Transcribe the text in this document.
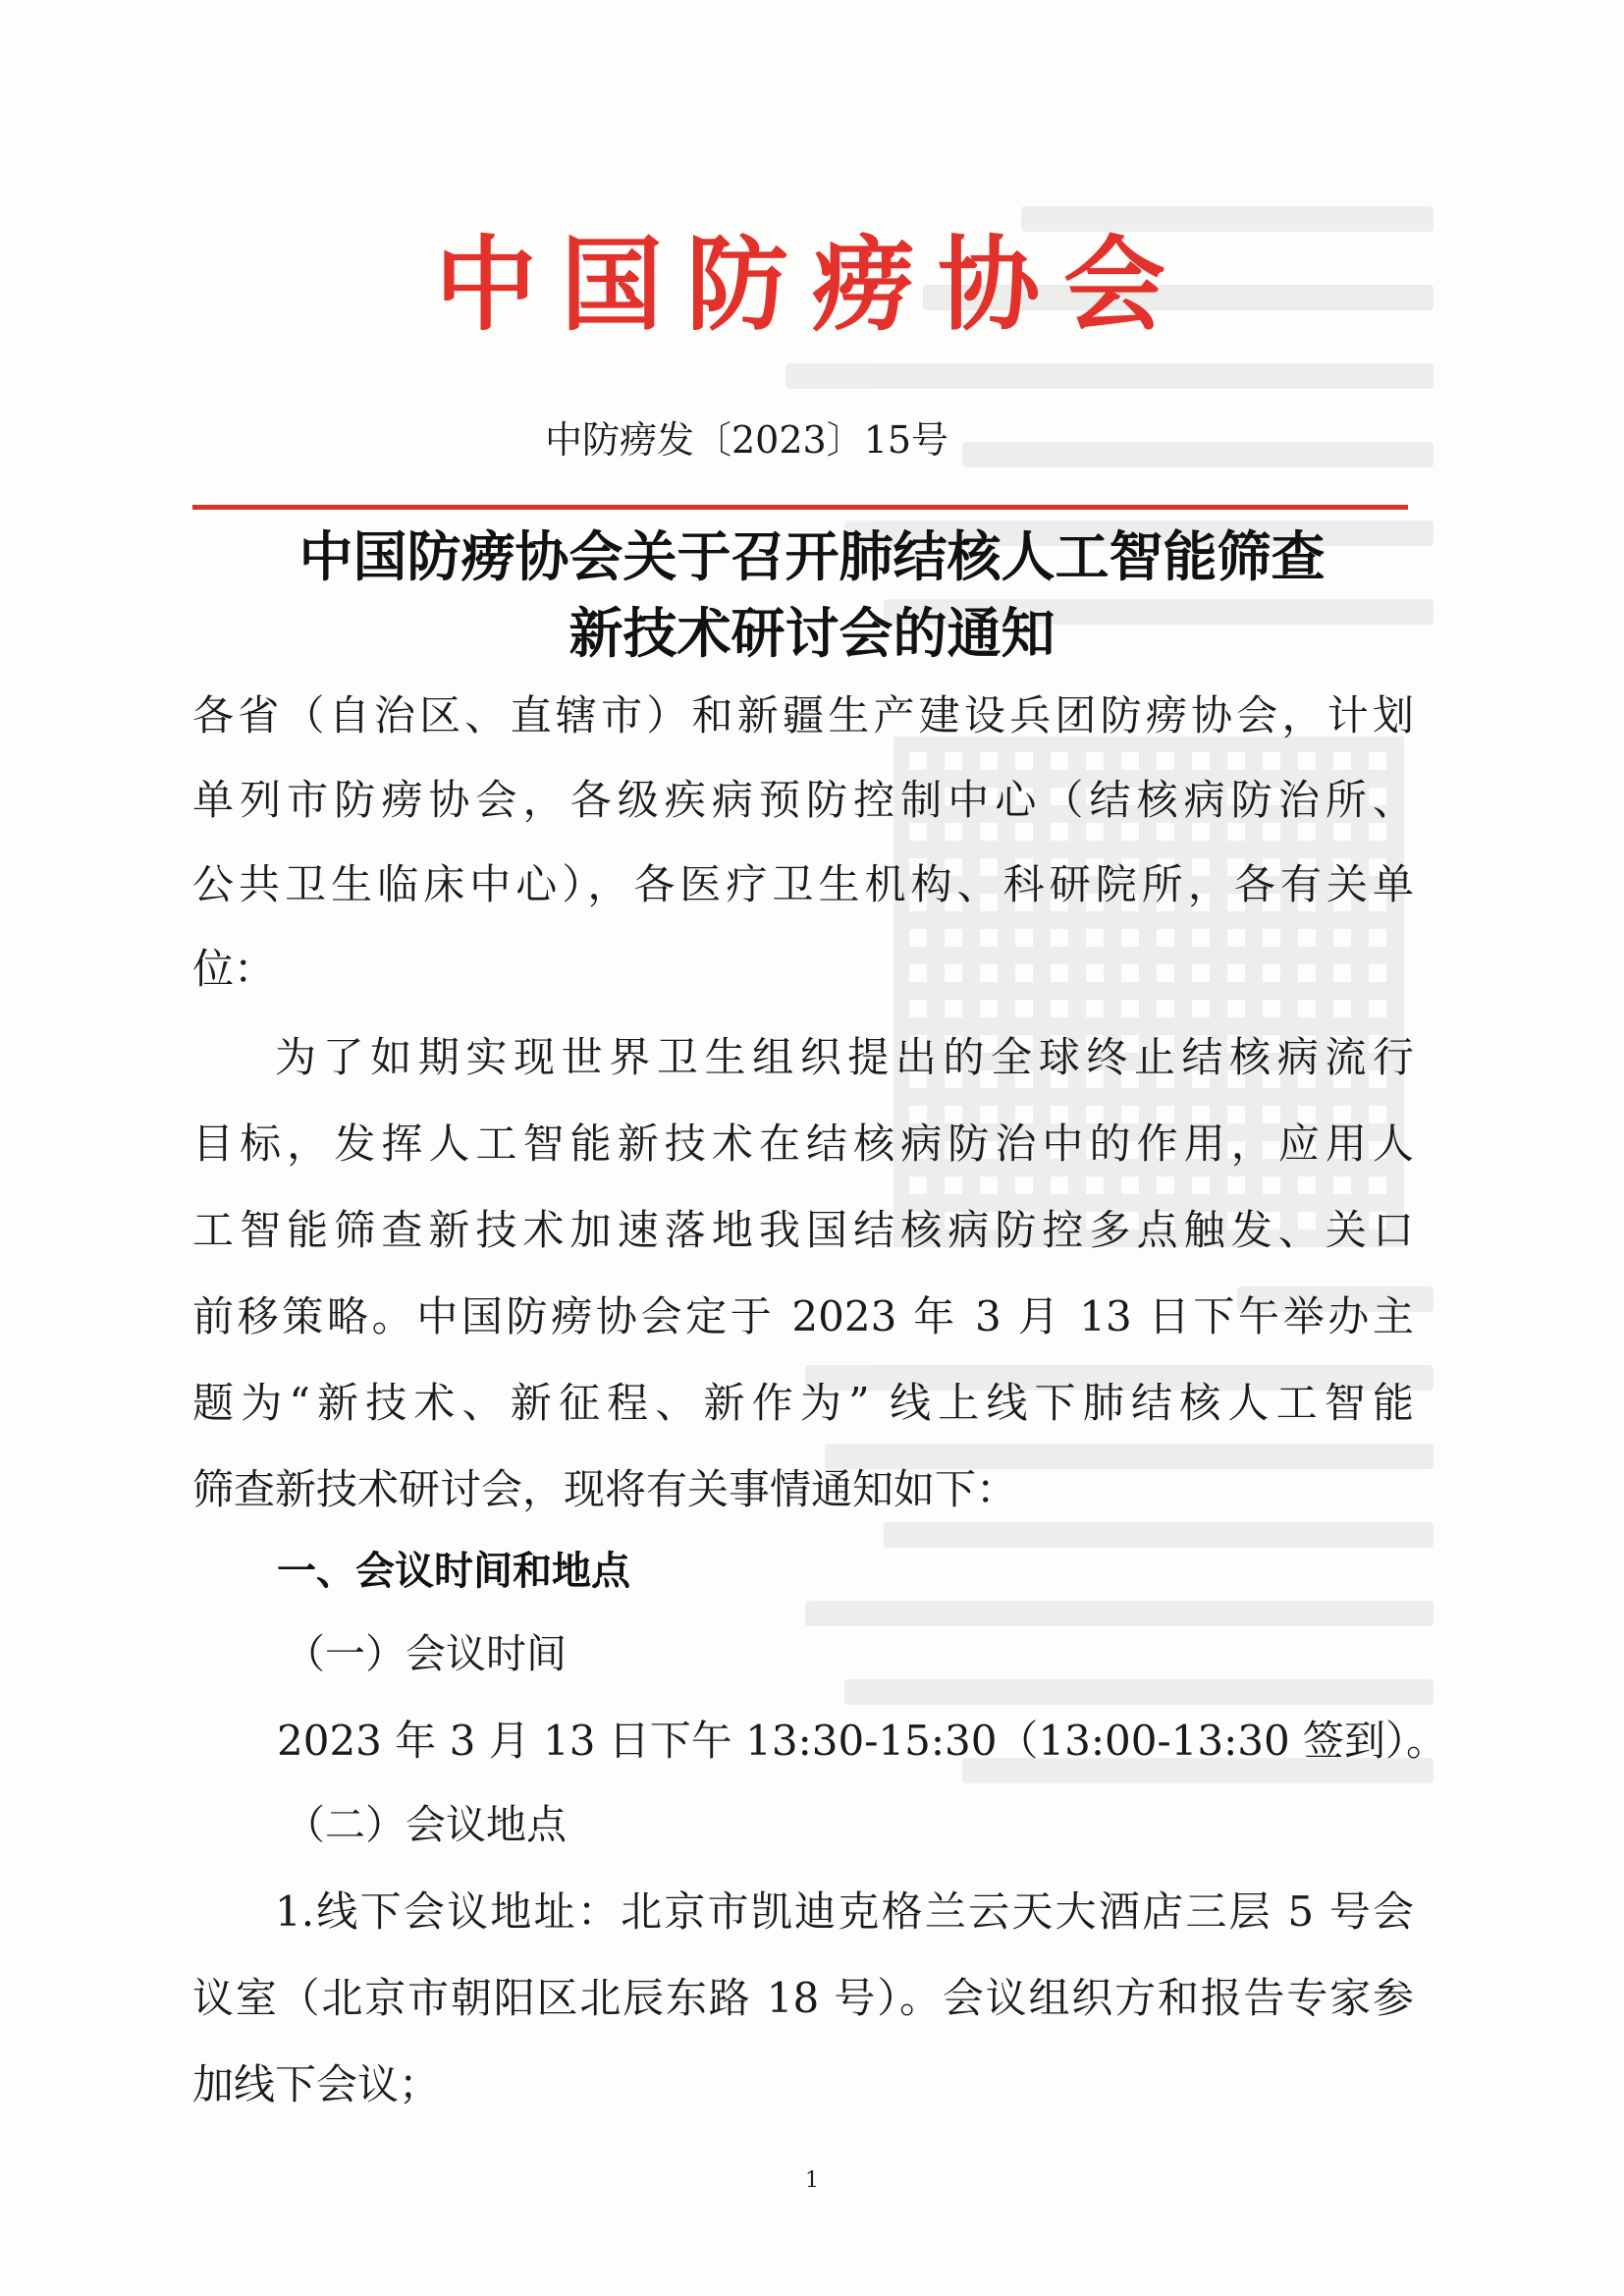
中国防痨协会
中防痨发〔2023〕15号
中国防痨协会关于召开肺结核人工智能筛查
新技术研讨会的通知
各省（自治区、直辖市）和新疆生产建设兵团防痨协会，计划
单列市防痨协会，各级疾病预防控制中心（结核病防治所、
公共卫生临床中心），各医疗卫生机构、科研院所，各有关单
位：
为了如期实现世界卫生组织提出的全球终止结核病流行
目标，发挥人工智能新技术在结核病防治中的作用，应用人
工智能筛查新技术加速落地我国结核病防控多点触发、关口
前移策略。中国防痨协会定于 2023 年 3 月 13 日下午举办主
题为“新技术、新征程、新作为” 线上线下肺结核人工智能
筛查新技术研讨会，现将有关事情通知如下：
一、会议时间和地点
（一）会议时间
2023 年 3 月 13 日下午 13:30-15:30（13:00-13:30 签到）。
（二）会议地点
1.线下会议地址：北京市凯迪克格兰云天大酒店三层 5 号会
议室（北京市朝阳区北辰东路 18 号）。会议组织方和报告专家参
加线下会议；
1
